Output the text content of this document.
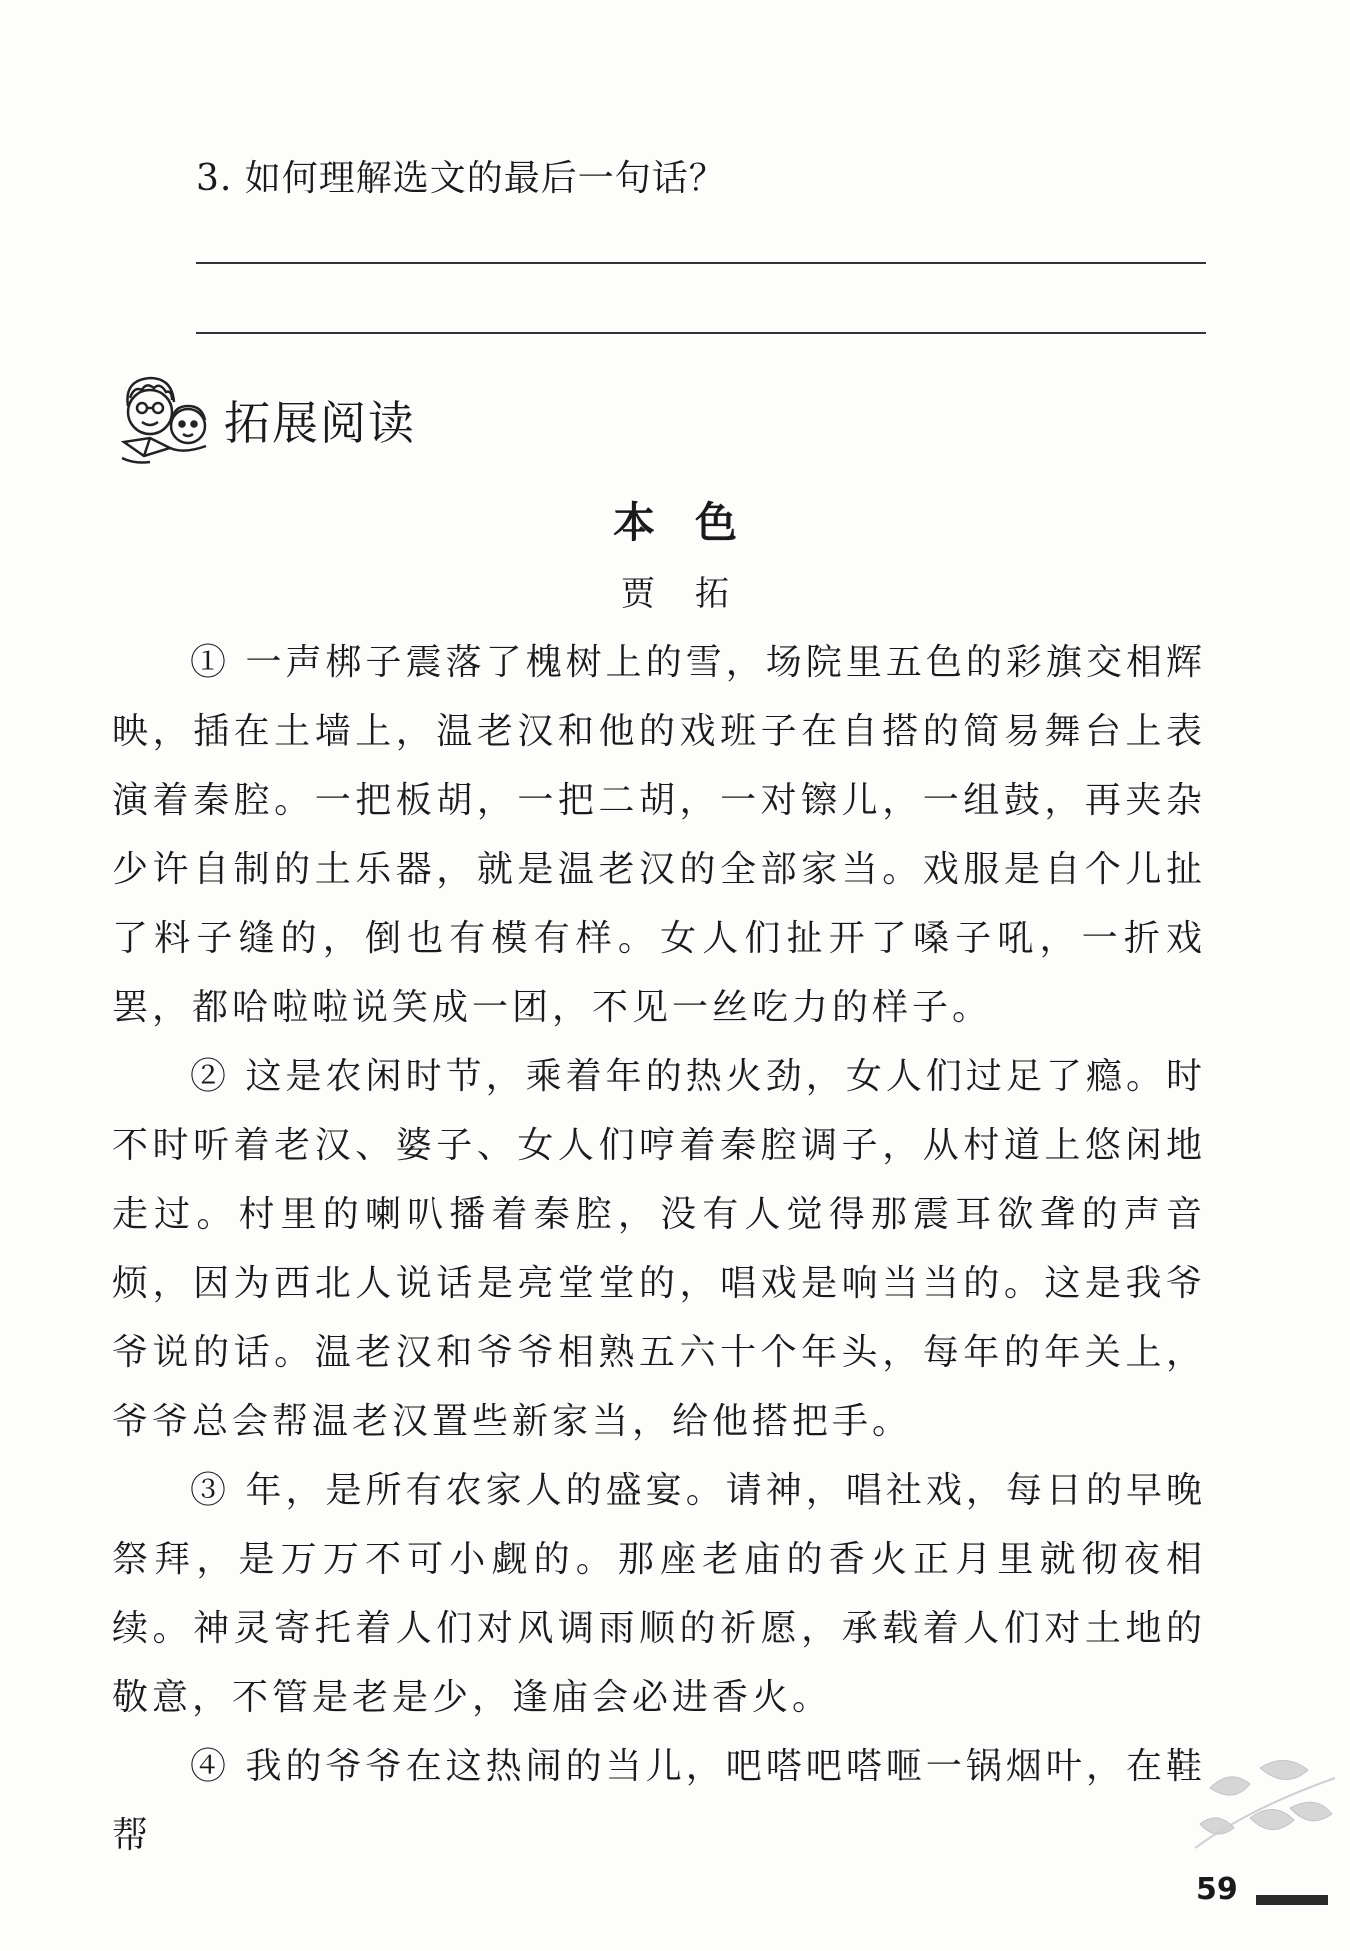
3. 如何理解选文的最后一句话？
拓展阅读
本色
贾拓

① 一声梆子震落了槐树上的雪，场院里五色的彩旗交相辉映，插在土墙上，温老汉和他的戏班子在自搭的简易舞台上表演着秦腔。一把板胡，一把二胡，一对镲儿，一组鼓，再夹杂少许自制的土乐器，就是温老汉的全部家当。戏服是自个儿扯了料子缝的，倒也有模有样。女人们扯开了嗓子吼，一折戏罢，都哈啦啦说笑成一团，不见一丝吃力的样子。

② 这是农闲时节，乘着年的热火劲，女人们过足了瘾。时不时听着老汉、婆子、女人们哼着秦腔调子，从村道上悠闲地走过。村里的喇叭播着秦腔，没有人觉得那震耳欲聋的声音烦，因为西北人说话是亮堂堂的，唱戏是响当当的。这是我爷爷说的话。温老汉和爷爷相熟五六十个年头，每年的年关上，爷爷总会帮温老汉置些新家当，给他搭把手。

③ 年，是所有农家人的盛宴。请神，唱社戏，每日的早晚祭拜，是万万不可小觑的。那座老庙的香火正月里就彻夜相续。神灵寄托着人们对风调雨顺的祈愿，承载着人们对土地的敬意，不管是老是少，逢庙会必进香火。

④ 我的爷爷在这热闹的当儿，吧嗒吧嗒咂一锅烟叶，在鞋帮

59
